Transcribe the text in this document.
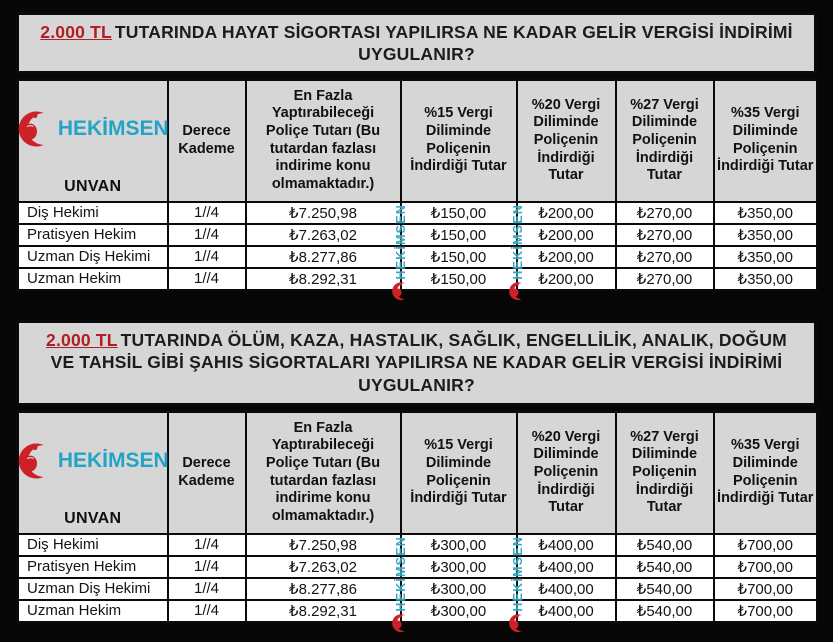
2.000 TL TUTARINDA HAYAT SİGORTASI YAPILIRSA NE KADAR GELİR VERGİSİ İNDİRİMİ UYGULANIR?
HEKİMSEN
UNVAN	Derece Kademe	En Fazla Yaptırabileceği Poliçe Tutarı (Bu tutardan fazlası indirime konu olmamaktadır.)	%15 Vergi Diliminde Poliçenin İndirdiği Tutar	%20 Vergi Diliminde Poliçenin İndirdiği Tutar	%27 Vergi Diliminde Poliçenin İndirdiği Tutar	%35 Vergi Diliminde Poliçenin İndirdiği Tutar
Diş Hekimi	1//4	₺7.250,98	₺150,00	₺200,00	₺270,00	₺350,00
Pratisyen Hekim	1//4	₺7.263,02	₺150,00	₺200,00	₺270,00	₺350,00
Uzman Diş Hekimi	1//4	₺8.277,86	₺150,00	₺200,00	₺270,00	₺350,00
Uzman Hekim	1//4	₺8.292,31	₺150,00	₺200,00	₺270,00	₺350,00
HEKİMSEN	HEKİMSEN
2.000 TL TUTARINDA ÖLÜM, KAZA, HASTALIK, SAĞLIK, ENGELLİLİK, ANALIK, DOĞUM VE TAHSİL GİBİ ŞAHIS SİGORTALARI YAPILIRSA NE KADAR GELİR VERGİSİ İNDİRİMİ UYGULANIR?
HEKİMSEN
UNVAN	Derece Kademe	En Fazla Yaptırabileceği Poliçe Tutarı (Bu tutardan fazlası indirime konu olmamaktadır.)	%15 Vergi Diliminde Poliçenin İndirdiği Tutar	%20 Vergi Diliminde Poliçenin İndirdiği Tutar	%27 Vergi Diliminde Poliçenin İndirdiği Tutar	%35 Vergi Diliminde Poliçenin İndirdiği Tutar
Diş Hekimi	1//4	₺7.250,98	₺300,00	₺400,00	₺540,00	₺700,00
Pratisyen Hekim	1//4	₺7.263,02	₺300,00	₺400,00	₺540,00	₺700,00
Uzman Diş Hekimi	1//4	₺8.277,86	₺300,00	₺400,00	₺540,00	₺700,00
Uzman Hekim	1//4	₺8.292,31	₺300,00	₺400,00	₺540,00	₺700,00
HEKİMSEN	HEKİMSEN
